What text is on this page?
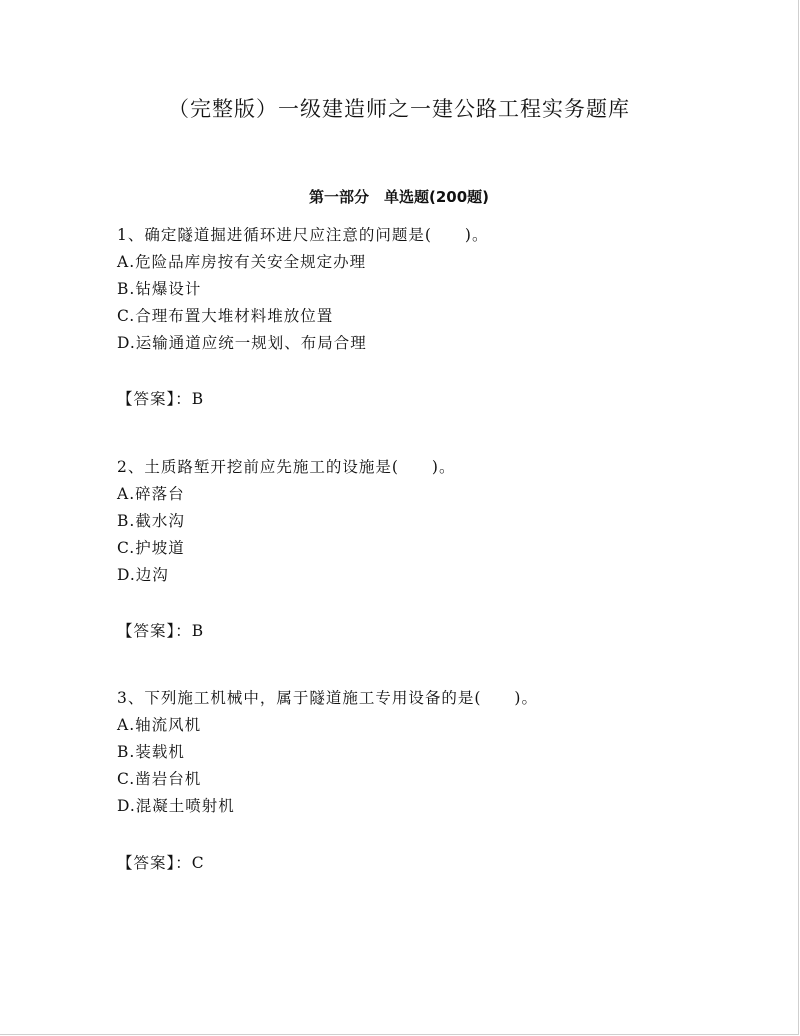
（完整版）一级建造师之一建公路工程实务题库
第一部分　单选题(200题)
1、确定隧道掘进循环进尺应注意的问题是(　　)。
A.危险品库房按有关安全规定办理
B.钻爆设计
C.合理布置大堆材料堆放位置
D.运输通道应统一规划、布局合理
【答案】：B
2、土质路堑开挖前应先施工的设施是(　　)。
A.碎落台
B.截水沟
C.护坡道
D.边沟
【答案】：B
3、下列施工机械中，属于隧道施工专用设备的是(　　)。
A.轴流风机
B.装载机
C.凿岩台机
D.混凝土喷射机
【答案】：C
